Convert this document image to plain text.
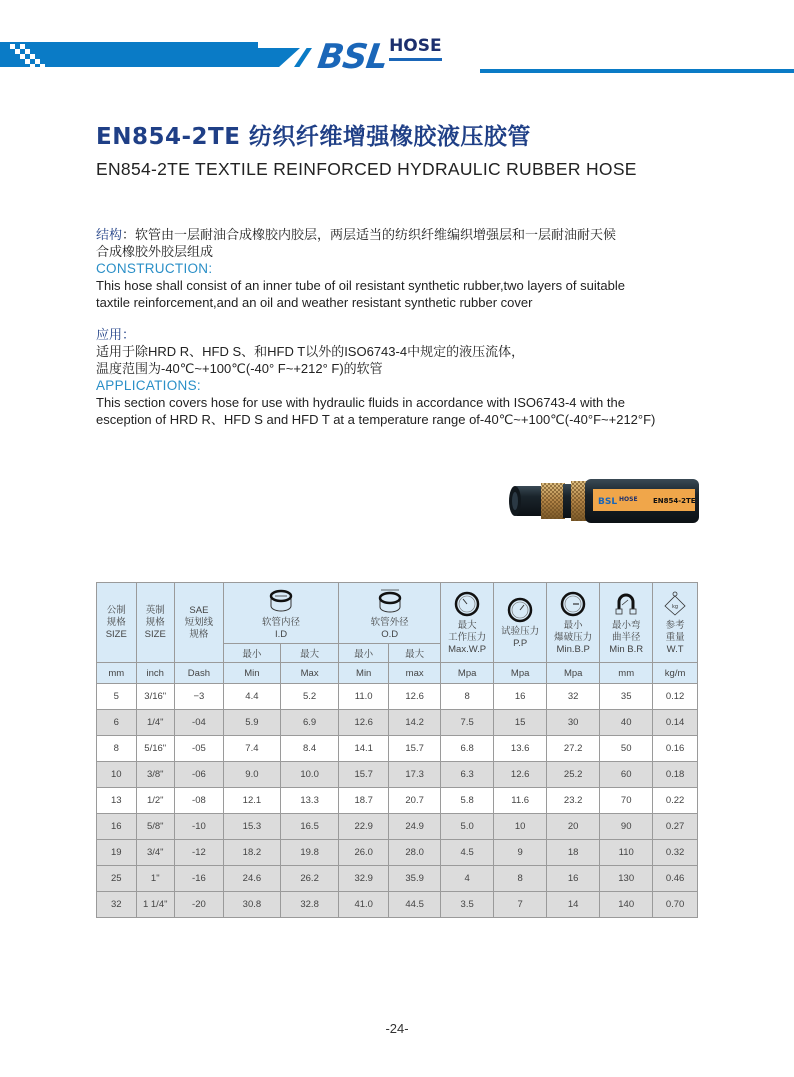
BSL HOSE
EN854-2TE 纺织纤维增强橡胶液压胶管
EN854-2TE TEXTILE REINFORCED HYDRAULIC RUBBER HOSE

结构：软管由一层耐油合成橡胶内胶层，两层适当的纺织纤维编织增强层和一层耐油耐天候

合成橡胶外胶层组成

CONSTRUCTION:

This hose shall consist of an inner tube of oil resistant synthetic rubber,two layers of suitable

taxtile reinforcement,and an oil and weather resistant synthetic rubber cover

应用：

适用于除HRD R、HFD S、和HFD T以外的ISO6743-4中规定的液压流体，

温度范围为-40℃~+100℃(-40° F~+212° F)的软管

APPLICATIONS:

This section covers hose for use with hydraulic fluids in accordance with ISO6743-4 with the

esception of HRD R、HFD S and HFD T at a temperature range of-40℃~+100℃(-40°F~+212°F)

BSL HOSE EN854-2TE
公制
规格
SIZE	英制
规格
SIZE	SAE
短划线
规格	软管内径
I.D		软管外径
O.D		最大
工作压力
Max.W.P	试验压力
P.P	最小
爆破压力
Min.B.P	最小弯
曲半径
Min B.R	kg
参考
重量
W.T

			最小	最大	最小	最大					
mm	inch	Dash	Min	Max	Min	max	Mpa	Mpa	Mpa	mm	kg/m
5	3/16"	−3	4.4	5.2	11.0	12.6	8	16	32	35	0.12
6	1/4"	-04	5.9	6.9	12.6	14.2	7.5	15	30	40	0.14
8	5/16"	-05	7.4	8.4	14.1	15.7	6.8	13.6	27.2	50	0.16
10	3/8"	-06	9.0	10.0	15.7	17.3	6.3	12.6	25.2	60	0.18
13	1/2"	-08	12.1	13.3	18.7	20.7	5.8	11.6	23.2	70	0.22
16	5/8"	-10	15.3	16.5	22.9	24.9	5.0	10	20	90	0.27
19	3/4"	-12	18.2	19.8	26.0	28.0	4.5	9	18	110	0.32
25	1"	-16	24.6	26.2	32.9	35.9	4	8	16	130	0.46
32	1 1/4"	-20	30.8	32.8	41.0	44.5	3.5	7	14	140	0.70
-24-
